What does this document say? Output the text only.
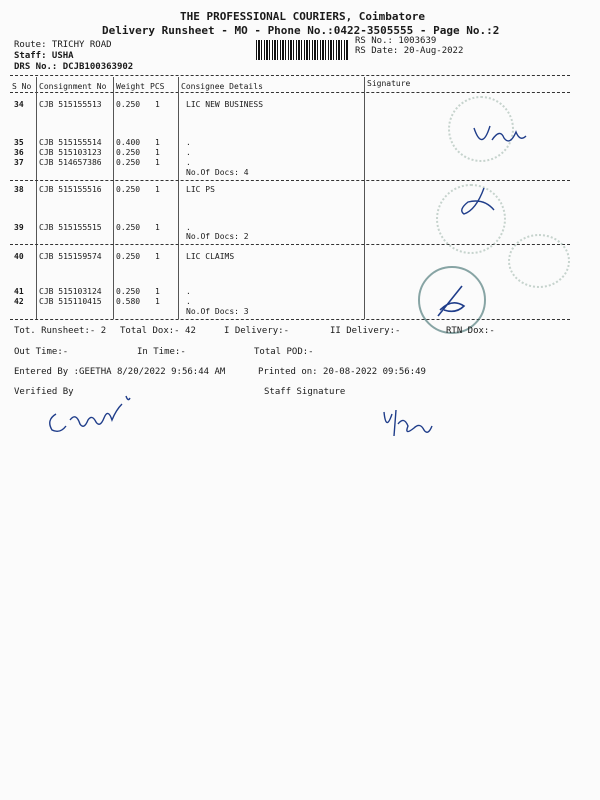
THE PROFESSIONAL COURIERS, Coimbatore
Delivery Runsheet - MO - Phone No.:0422-3505555 - Page No.:2
Route: TRICHY ROAD
Staff: USHA
DRS No.: DCJB100363902
RS No.: 1003639
RS Date: 20-Aug-2022
S No Consignment No Weight PCS Consignee Details	Signature
34 CJB 515155513 0.250 1	LIC NEW BUSINESS
35 CJB 515155514 0.400 1	.
36 CJB 515103123 0.250 1	.
37 CJB 514657386 0.250 1	.
No.Of Docs: 4
38 CJB 515155516 0.250 1	LIC PS
39 CJB 515155515 0.250 1	.
No.Of Docs: 2
40 CJB 515159574 0.250 1	LIC CLAIMS
41 CJB 515103124 0.250 1	.
42 CJB 515110415 0.580 1	.
No.Of Docs: 3
Tot. Runsheet:- 2 Total Dox:- 42	I Delivery:-	II Delivery:-	RTN Dox:-
Out Time:-	In Time:-	Total POD:-
Entered By :GEETHA 8/20/2022 9:56:44 AM	Printed on: 20-08-2022 09:56:49
Verified By	Staff Signature
